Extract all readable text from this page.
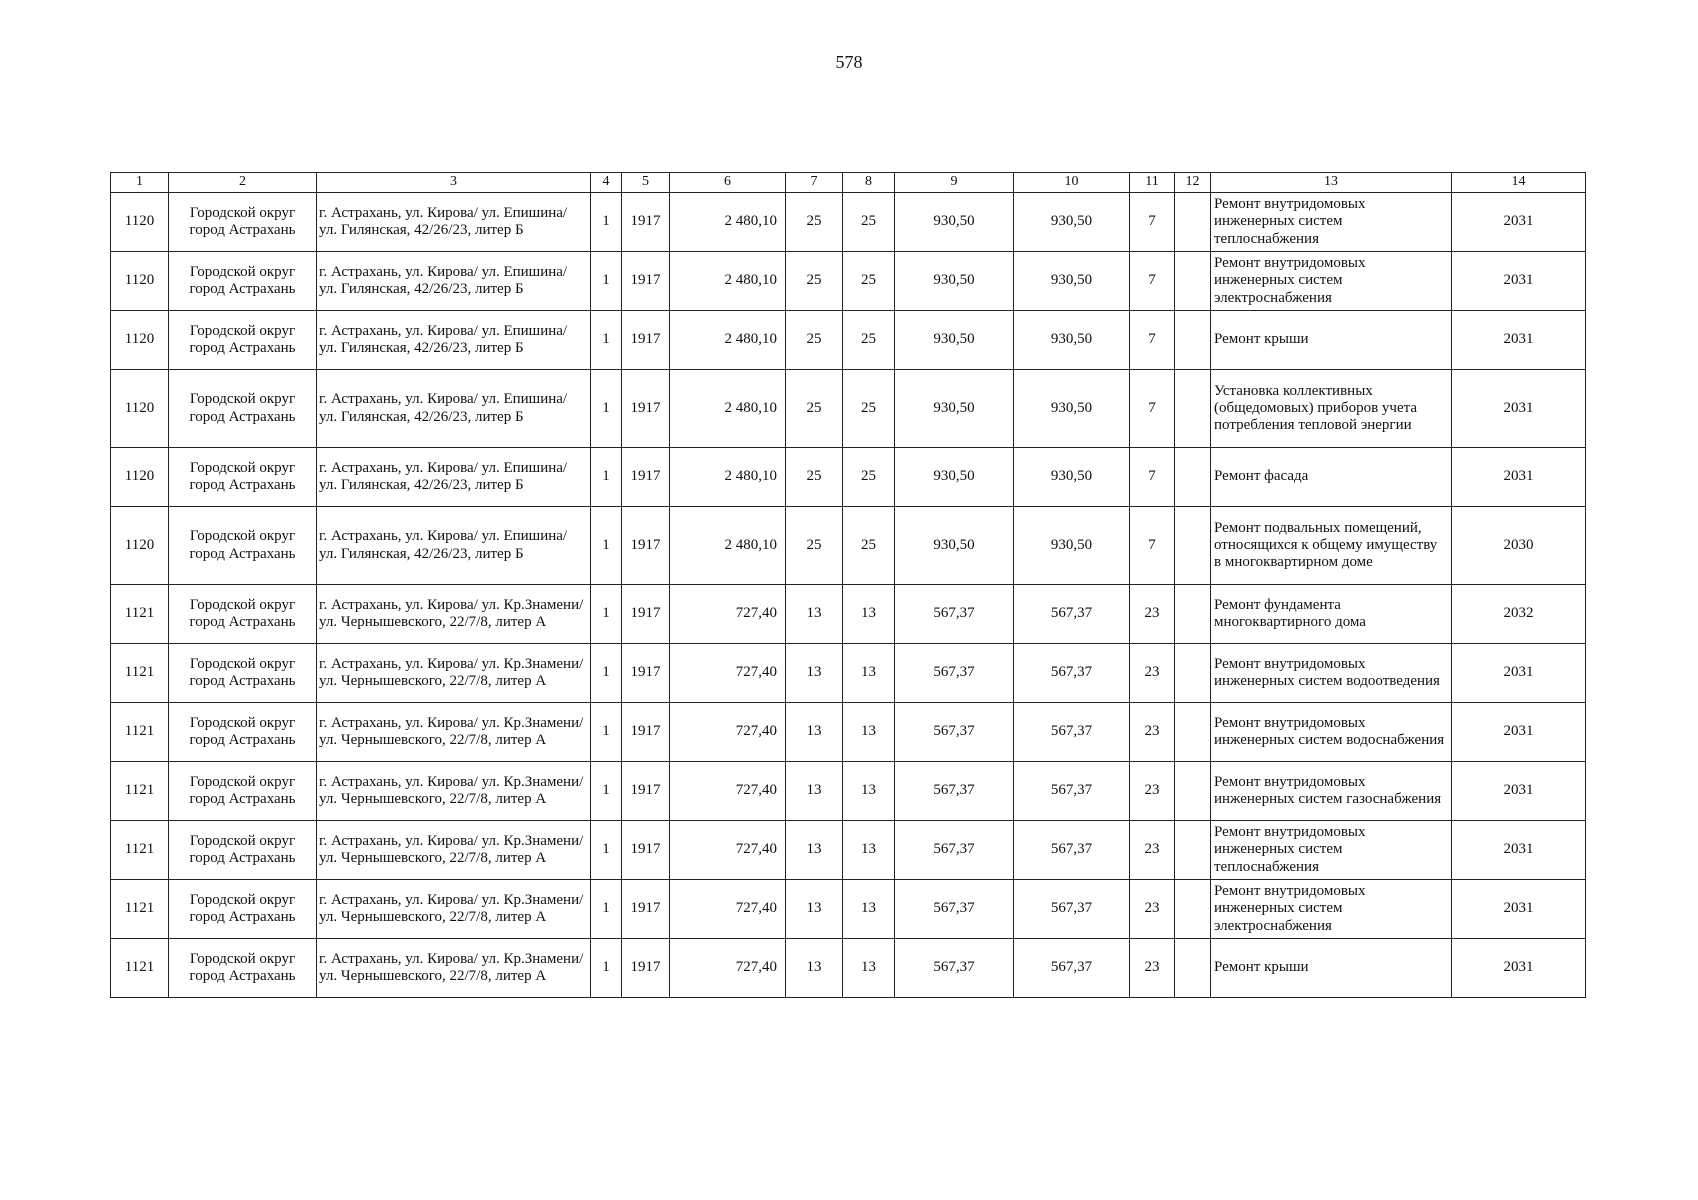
578
1	2	3	4	5	6	7	8	9	10	11	12	13	14
1120	Городской округ город Астрахань	г. Астрахань, ул. Кирова/ ул. Епишина/ ул. Гилянская, 42/26/23, литер Б	1	1917	2 480,10	25	25	930,50	930,50	7		Ремонт внутридомовых инженерных систем теплоснабжения	2031
1120	Городской округ город Астрахань	г. Астрахань, ул. Кирова/ ул. Епишина/ ул. Гилянская, 42/26/23, литер Б	1	1917	2 480,10	25	25	930,50	930,50	7		Ремонт внутридомовых инженерных систем электроснабжения	2031
1120	Городской округ город Астрахань	г. Астрахань, ул. Кирова/ ул. Епишина/ ул. Гилянская, 42/26/23, литер Б	1	1917	2 480,10	25	25	930,50	930,50	7		Ремонт крыши	2031
1120	Городской округ город Астрахань	г. Астрахань, ул. Кирова/ ул. Епишина/ ул. Гилянская, 42/26/23, литер Б	1	1917	2 480,10	25	25	930,50	930,50	7		Установка коллективных (общедомовых) приборов учета потребления тепловой энергии	2031
1120	Городской округ город Астрахань	г. Астрахань, ул. Кирова/ ул. Епишина/ ул. Гилянская, 42/26/23, литер Б	1	1917	2 480,10	25	25	930,50	930,50	7		Ремонт фасада	2031
1120	Городской округ город Астрахань	г. Астрахань, ул. Кирова/ ул. Епишина/ ул. Гилянская, 42/26/23, литер Б	1	1917	2 480,10	25	25	930,50	930,50	7		Ремонт подвальных помещений, относящихся к общему имуществу в многоквартирном доме	2030
1121	Городской округ город Астрахань	г. Астрахань, ул. Кирова/ ул. Кр.Знамени/ ул. Чернышевского, 22/7/8, литер А	1	1917	727,40	13	13	567,37	567,37	23		Ремонт фундамента многоквартирного дома	2032
1121	Городской округ город Астрахань	г. Астрахань, ул. Кирова/ ул. Кр.Знамени/ ул. Чернышевского, 22/7/8, литер А	1	1917	727,40	13	13	567,37	567,37	23		Ремонт внутридомовых инженерных систем водоотведения	2031
1121	Городской округ город Астрахань	г. Астрахань, ул. Кирова/ ул. Кр.Знамени/ ул. Чернышевского, 22/7/8, литер А	1	1917	727,40	13	13	567,37	567,37	23		Ремонт внутридомовых инженерных систем водоснабжения	2031
1121	Городской округ город Астрахань	г. Астрахань, ул. Кирова/ ул. Кр.Знамени/ ул. Чернышевского, 22/7/8, литер А	1	1917	727,40	13	13	567,37	567,37	23		Ремонт внутридомовых инженерных систем газоснабжения	2031
1121	Городской округ город Астрахань	г. Астрахань, ул. Кирова/ ул. Кр.Знамени/ ул. Чернышевского, 22/7/8, литер А	1	1917	727,40	13	13	567,37	567,37	23		Ремонт внутридомовых инженерных систем теплоснабжения	2031
1121	Городской округ город Астрахань	г. Астрахань, ул. Кирова/ ул. Кр.Знамени/ ул. Чернышевского, 22/7/8, литер А	1	1917	727,40	13	13	567,37	567,37	23		Ремонт внутридомовых инженерных систем электроснабжения	2031
1121	Городской округ город Астрахань	г. Астрахань, ул. Кирова/ ул. Кр.Знамени/ ул. Чернышевского, 22/7/8, литер А	1	1917	727,40	13	13	567,37	567,37	23		Ремонт крыши	2031
